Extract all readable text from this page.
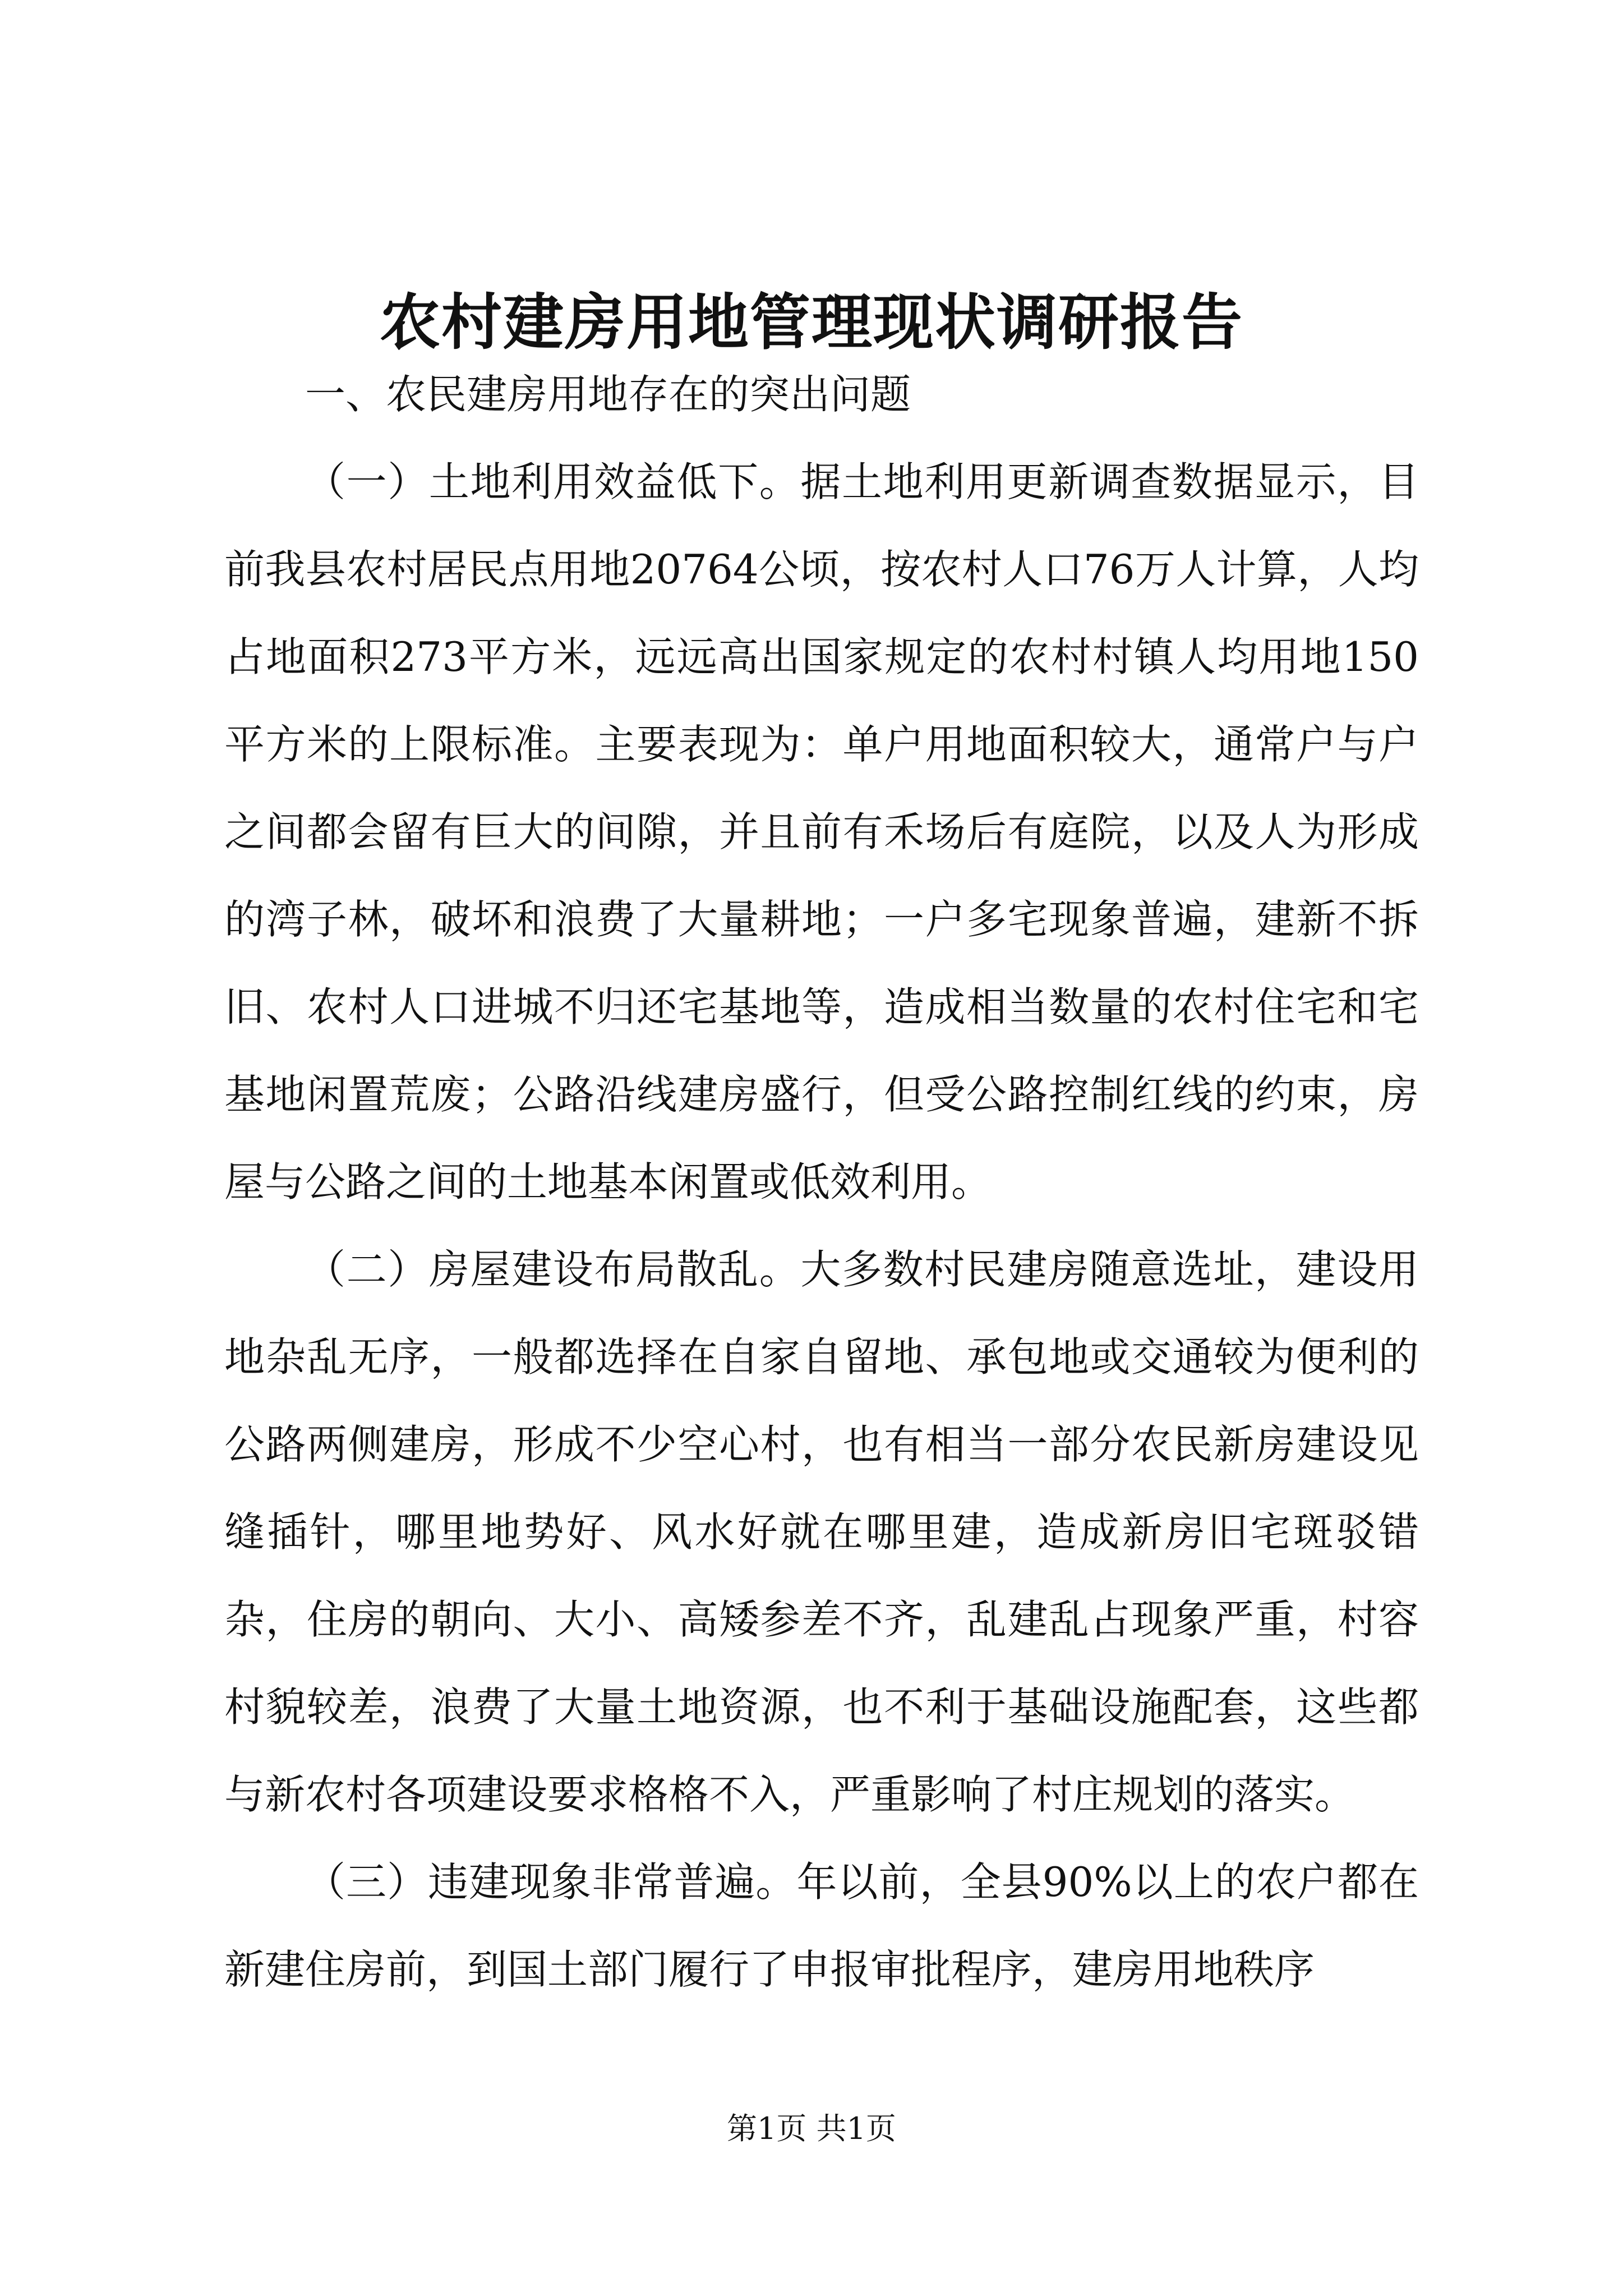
农村建房用地管理现状调研报告

一、农民建房用地存在的突出问题

（一）土地利用效益低下。据土地利用更新调查数据显示，目前我县农村居民点用地20764公顷，按农村人口76万人计算，人均占地面积273平方米，远远高出国家规定的农村村镇人均用地150平方米的上限标准。主要表现为：单户用地面积较大，通常户与户之间都会留有巨大的间隙，并且前有禾场后有庭院，以及人为形成的湾子林，破坏和浪费了大量耕地；一户多宅现象普遍，建新不拆旧、农村人口进城不归还宅基地等，造成相当数量的农村住宅和宅基地闲置荒废；公路沿线建房盛行，但受公路控制红线的约束，房屋与公路之间的土地基本闲置或低效利用。

（二）房屋建设布局散乱。大多数村民建房随意选址，建设用地杂乱无序，一般都选择在自家自留地、承包地或交通较为便利的公路两侧建房，形成不少空心村，也有相当一部分农民新房建设见缝插针，哪里地势好、风水好就在哪里建，造成新房旧宅斑驳错杂，住房的朝向、大小、高矮参差不齐，乱建乱占现象严重，村容村貌较差，浪费了大量土地资源，也不利于基础设施配套，这些都与新农村各项建设要求格格不入，严重影响了村庄规划的落实。

（三）违建现象非常普遍。年以前，全县90%以上的农户都在新建住房前，到国土部门履行了申报审批程序，建房用地秩序

第1页 共1页
